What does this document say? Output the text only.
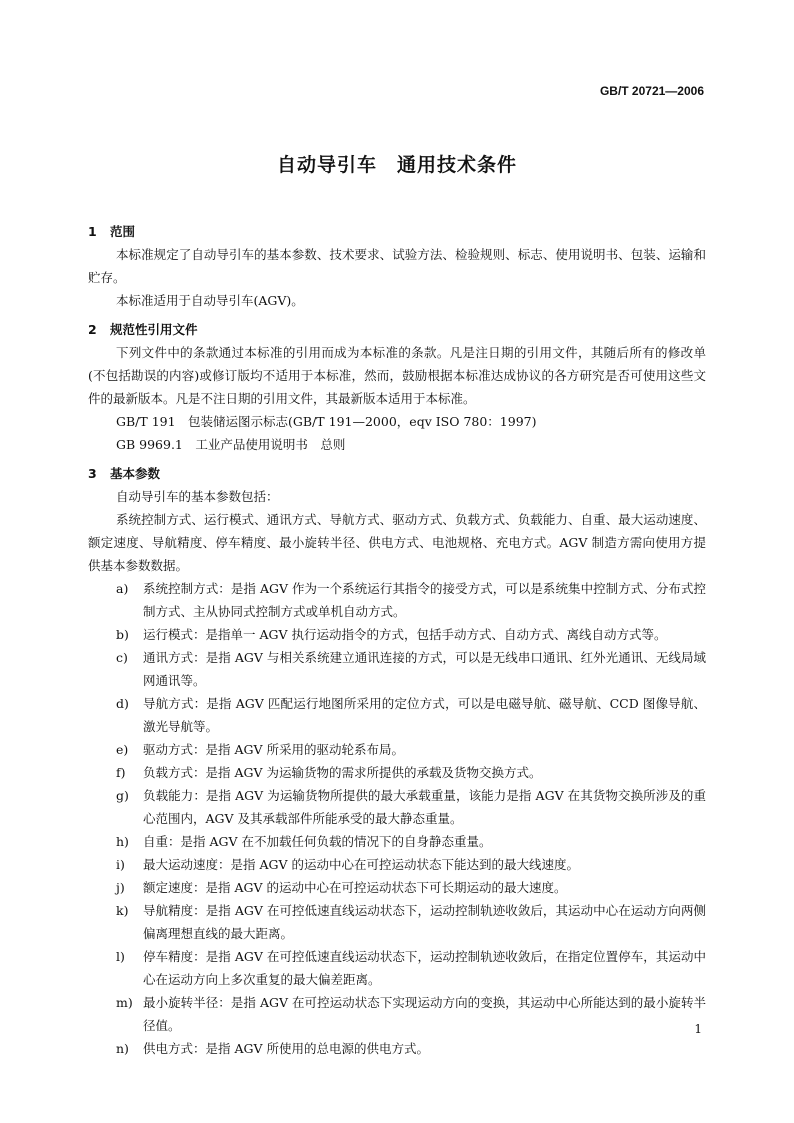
GB/T 20721—2006
自动导引车　通用技术条件
1 范围
本标准规定了自动导引车的基本参数、技术要求、试验方法、检验规则、标志、使用说明书、包装、运输和贮存。
本标准适用于自动导引车(AGV)。
2 规范性引用文件
下列文件中的条款通过本标准的引用而成为本标准的条款。凡是注日期的引用文件，其随后所有的修改单(不包括勘误的内容)或修订版均不适用于本标准，然而，鼓励根据本标准达成协议的各方研究是否可使用这些文件的最新版本。凡是不注日期的引用文件，其最新版本适用于本标准。
GB/T 191　包装储运图示标志(GB/T 191—2000，eqv ISO 780：1997)
GB 9969.1　工业产品使用说明书　总则
3 基本参数
自动导引车的基本参数包括：
系统控制方式、运行模式、通讯方式、导航方式、驱动方式、负载方式、负载能力、自重、最大运动速度、额定速度、导航精度、停车精度、最小旋转半径、供电方式、电池规格、充电方式。AGV 制造方需向使用方提供基本参数数据。
a)	系统控制方式：是指 AGV 作为一个系统运行其指令的接受方式，可以是系统集中控制方式、分布式控制方式、主从协同式控制方式或单机自动方式。
b)	运行模式：是指单一 AGV 执行运动指令的方式，包括手动方式、自动方式、离线自动方式等。
c)	通讯方式：是指 AGV 与相关系统建立通讯连接的方式，可以是无线串口通讯、红外光通讯、无线局域网通讯等。
d)	导航方式：是指 AGV 匹配运行地图所采用的定位方式，可以是电磁导航、磁导航、CCD 图像导航、激光导航等。
e)	驱动方式：是指 AGV 所采用的驱动轮系布局。
f)	负载方式：是指 AGV 为运输货物的需求所提供的承载及货物交换方式。
g)	负载能力：是指 AGV 为运输货物所提供的最大承载重量，该能力是指 AGV 在其货物交换所涉及的重心范围内，AGV 及其承载部件所能承受的最大静态重量。
h)	自重：是指 AGV 在不加载任何负载的情况下的自身静态重量。
i)	最大运动速度：是指 AGV 的运动中心在可控运动状态下能达到的最大线速度。
j)	额定速度：是指 AGV 的运动中心在可控运动状态下可长期运动的最大速度。
k)	导航精度：是指 AGV 在可控低速直线运动状态下，运动控制轨迹收敛后，其运动中心在运动方向两侧偏离理想直线的最大距离。
l)	停车精度：是指 AGV 在可控低速直线运动状态下，运动控制轨迹收敛后，在指定位置停车，其运动中心在运动方向上多次重复的最大偏差距离。
m) 最小旋转半径：是指 AGV 在可控运动状态下实现运动方向的变换，其运动中心所能达到的最小旋转半径值。
n)	供电方式：是指 AGV 所使用的总电源的供电方式。
1
